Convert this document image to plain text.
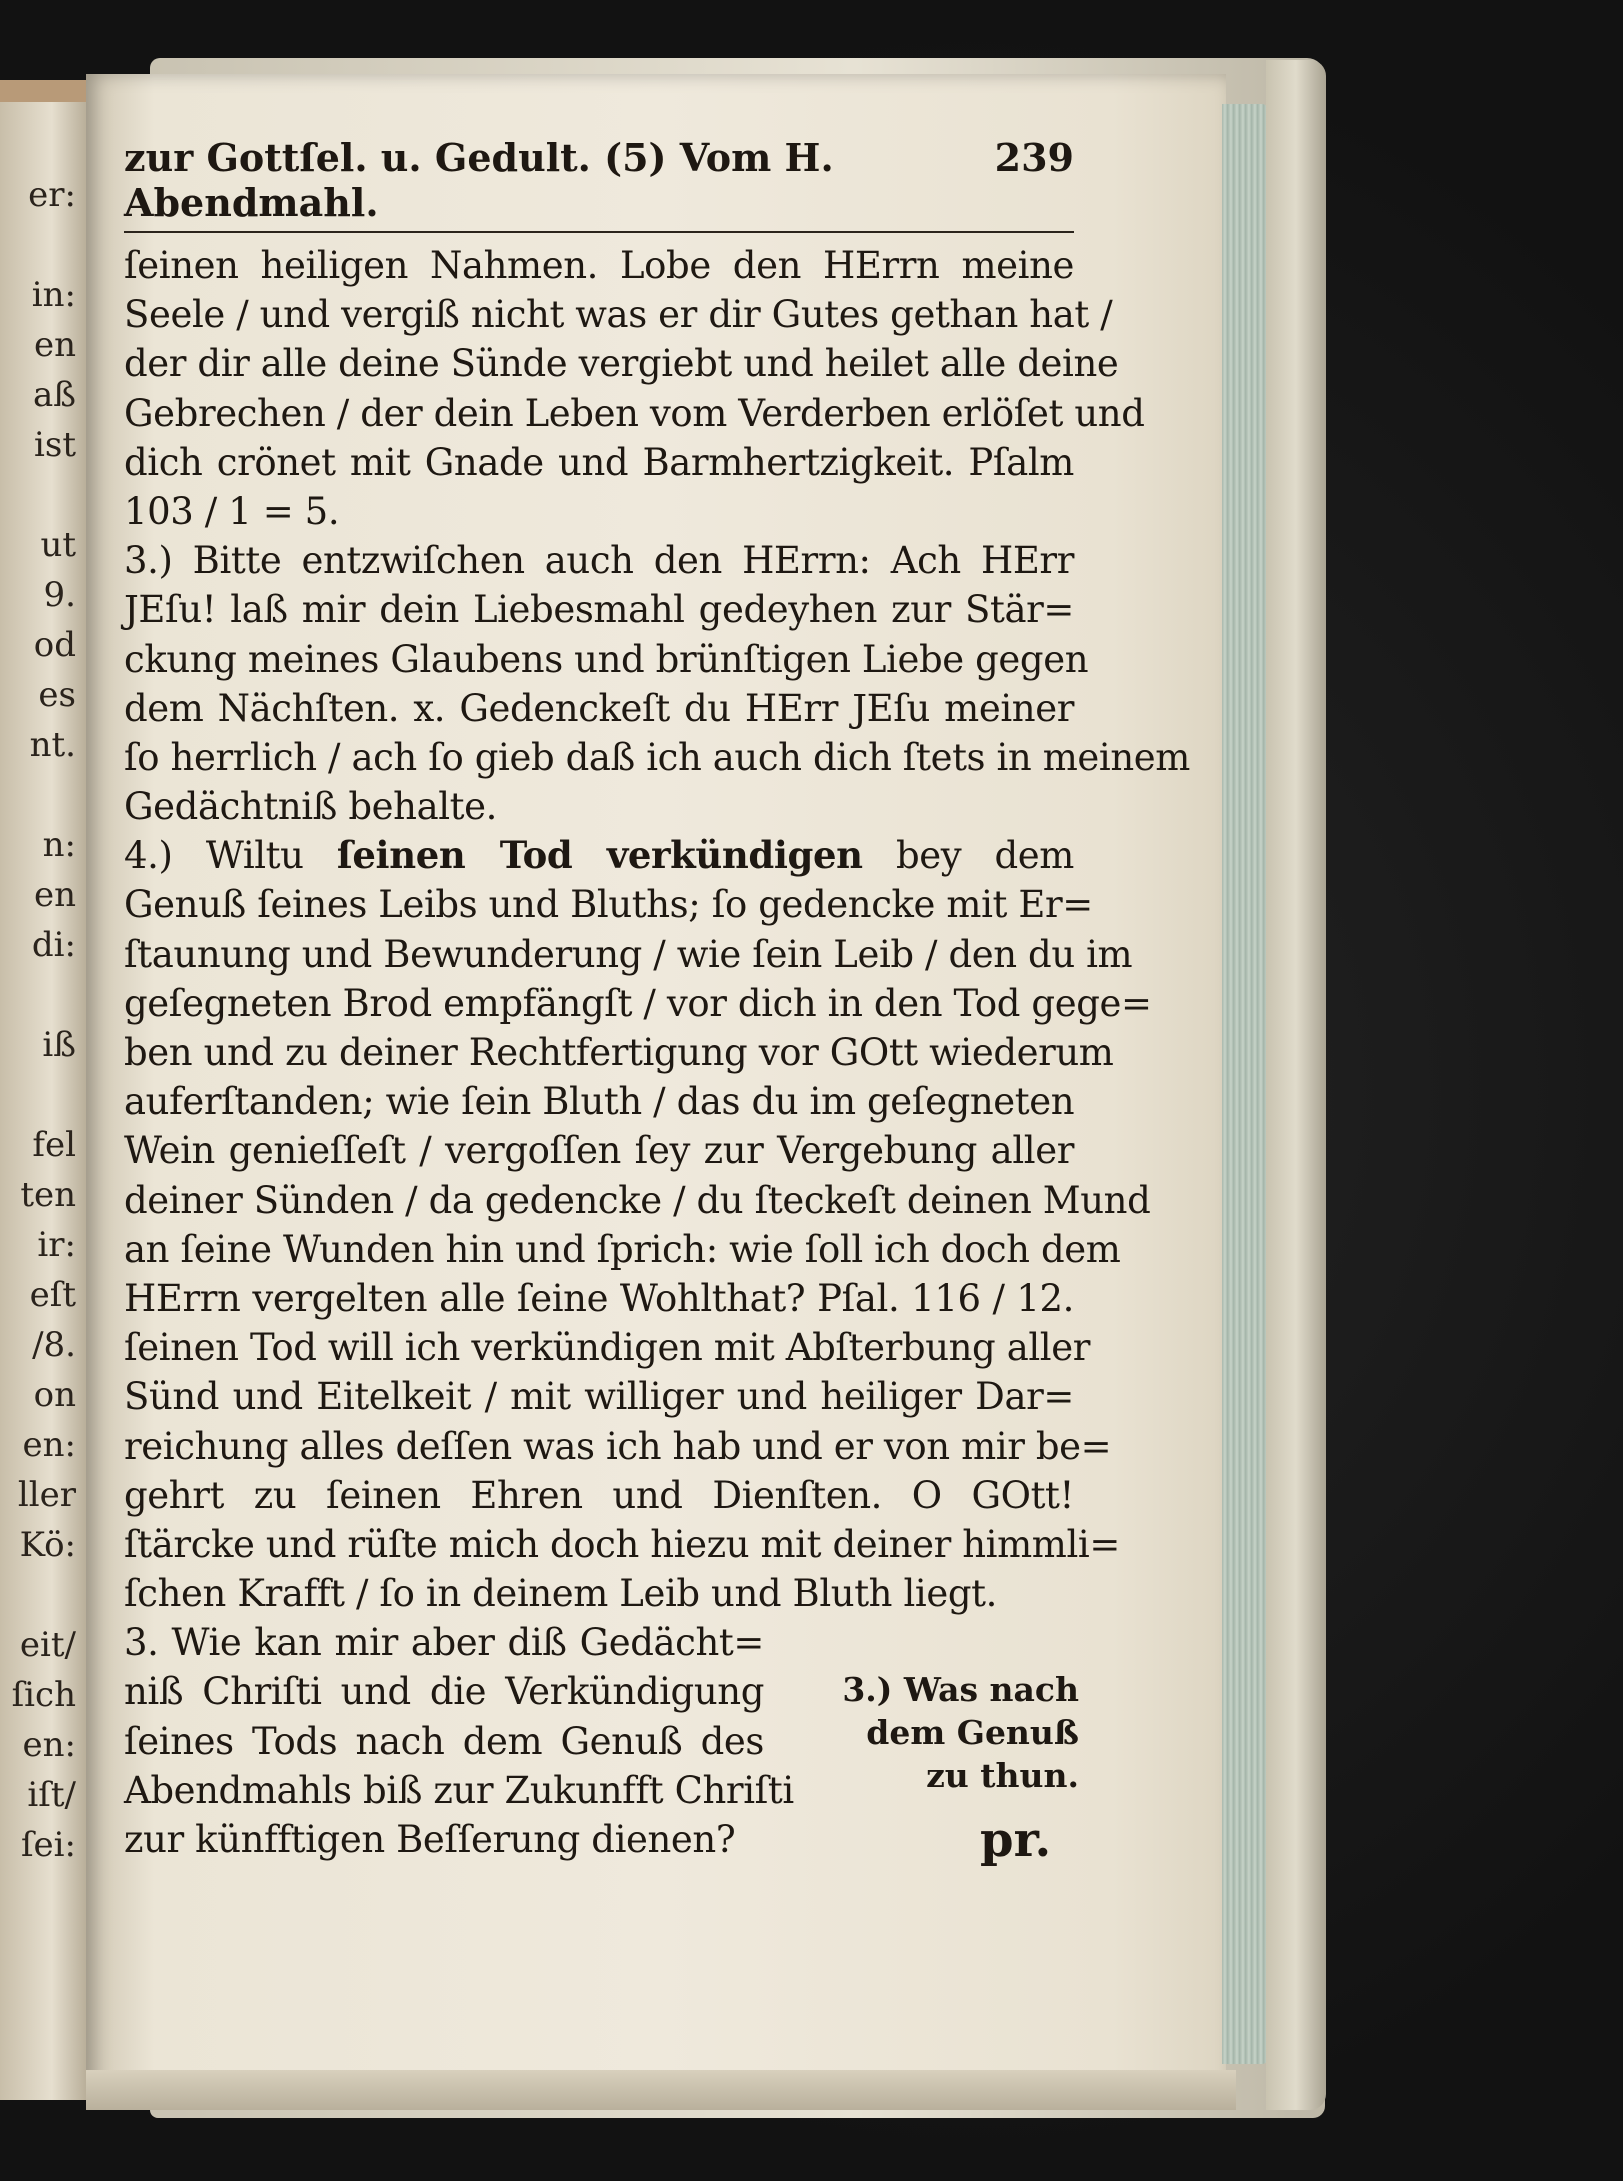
er:
in:
en
aß
ist
ut
9.
od
es
nt.
n:
en
di:
iß
fel
ten
ir:
eſt
/8.
on
en:
ller
Kö:
eit/
ſich
en:
iſt/
ſei:
zur Gottſel. u. Gedult. (5) Vom H. Abendmahl.
239
ſeinen heiligen Nahmen. Lobe den HErrn meine
Seele / und vergiß nicht was er dir Gutes gethan hat /
der dir alle deine Sünde vergiebt und heilet alle deine
Gebrechen / der dein Leben vom Verderben erlöſet und
dich crönet mit Gnade und Barmhertzigkeit. Pſalm
103 / 1 = 5.
3.) Bitte entzwiſchen auch den HErrn: Ach HErr
JEſu! laß mir dein Liebesmahl gedeyhen zur Stär=
ckung meines Glaubens und brünſtigen Liebe gegen
dem Nächſten. x. Gedenckeſt du HErr JEſu meiner
ſo herrlich / ach ſo gieb daß ich auch dich ſtets in meinem
Gedächtniß behalte.
4.) Wiltu ſeinen Tod verkündigen bey dem
Genuß ſeines Leibs und Bluths; ſo gedencke mit Er=
ſtaunung und Bewunderung / wie ſein Leib / den du im
geſegneten Brod empfängſt / vor dich in den Tod gege=
ben und zu deiner Rechtfertigung vor GOtt wiederum
auferſtanden; wie ſein Bluth / das du im geſegneten
Wein genieſſeſt / vergoſſen ſey zur Vergebung aller
deiner Sünden / da gedencke / du ſteckeſt deinen Mund
an ſeine Wunden hin und ſprich: wie ſoll ich doch dem
HErrn vergelten alle ſeine Wohlthat? Pſal. 116 / 12.
ſeinen Tod will ich verkündigen mit Abſterbung aller
Sünd und Eitelkeit / mit williger und heiliger Dar=
reichung alles deſſen was ich hab und er von mir be=
gehrt zu ſeinen Ehren und Dienſten. O GOtt!
ſtärcke und rüſte mich doch hiezu mit deiner himmli=
ſchen Krafft / ſo in deinem Leib und Bluth liegt.
3. Wie kan mir aber diß Gedächt=
niß Chriſti und die Verkündigung
ſeines Tods nach dem Genuß des
Abendmahls biß zur Zukunfft Chriſti
zur künfftigen Beſſerung dienen?
3.) Was nach dem Genuß zu thun.
pr.
